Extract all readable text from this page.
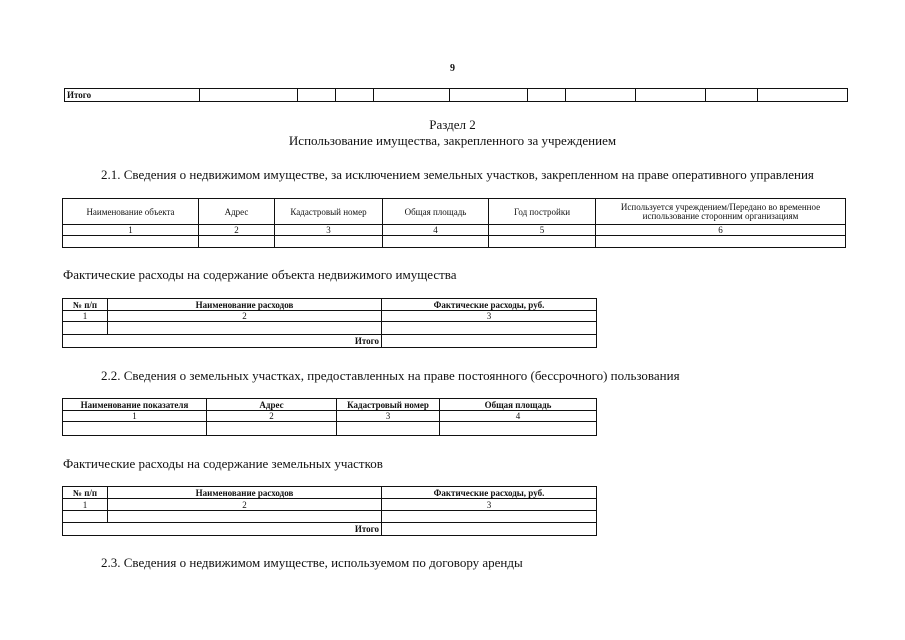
9
Итого										
Раздел 2
Использование имущества, закрепленного за учреждением
2.1. Сведения о недвижимом имуществе, за исключением земельных участков, закрепленном на праве оперативного управления
Наименование объекта	Адрес	Кадастровый номер	Общая площадь	Год постройки	Используется учреждением/Передано во временное использование сторонним организациям
1	2	3	4	5	6

Фактические расходы на содержание объекта недвижимого имущества
№ п/п	Наименование расходов	Фактические расходы, руб.
1	2	3

Итого		
2.2. Сведения о земельных участках, предоставленных на праве постоянного (бессрочного) пользования
Наименование показателя	Адрес	Кадастровый номер	Общая площадь
1	2	3	4

Фактические расходы на содержание земельных участков
№ п/п	Наименование расходов	Фактические расходы, руб.
1	2	3

Итого		
2.3. Сведения о недвижимом имуществе, используемом по договору аренды
